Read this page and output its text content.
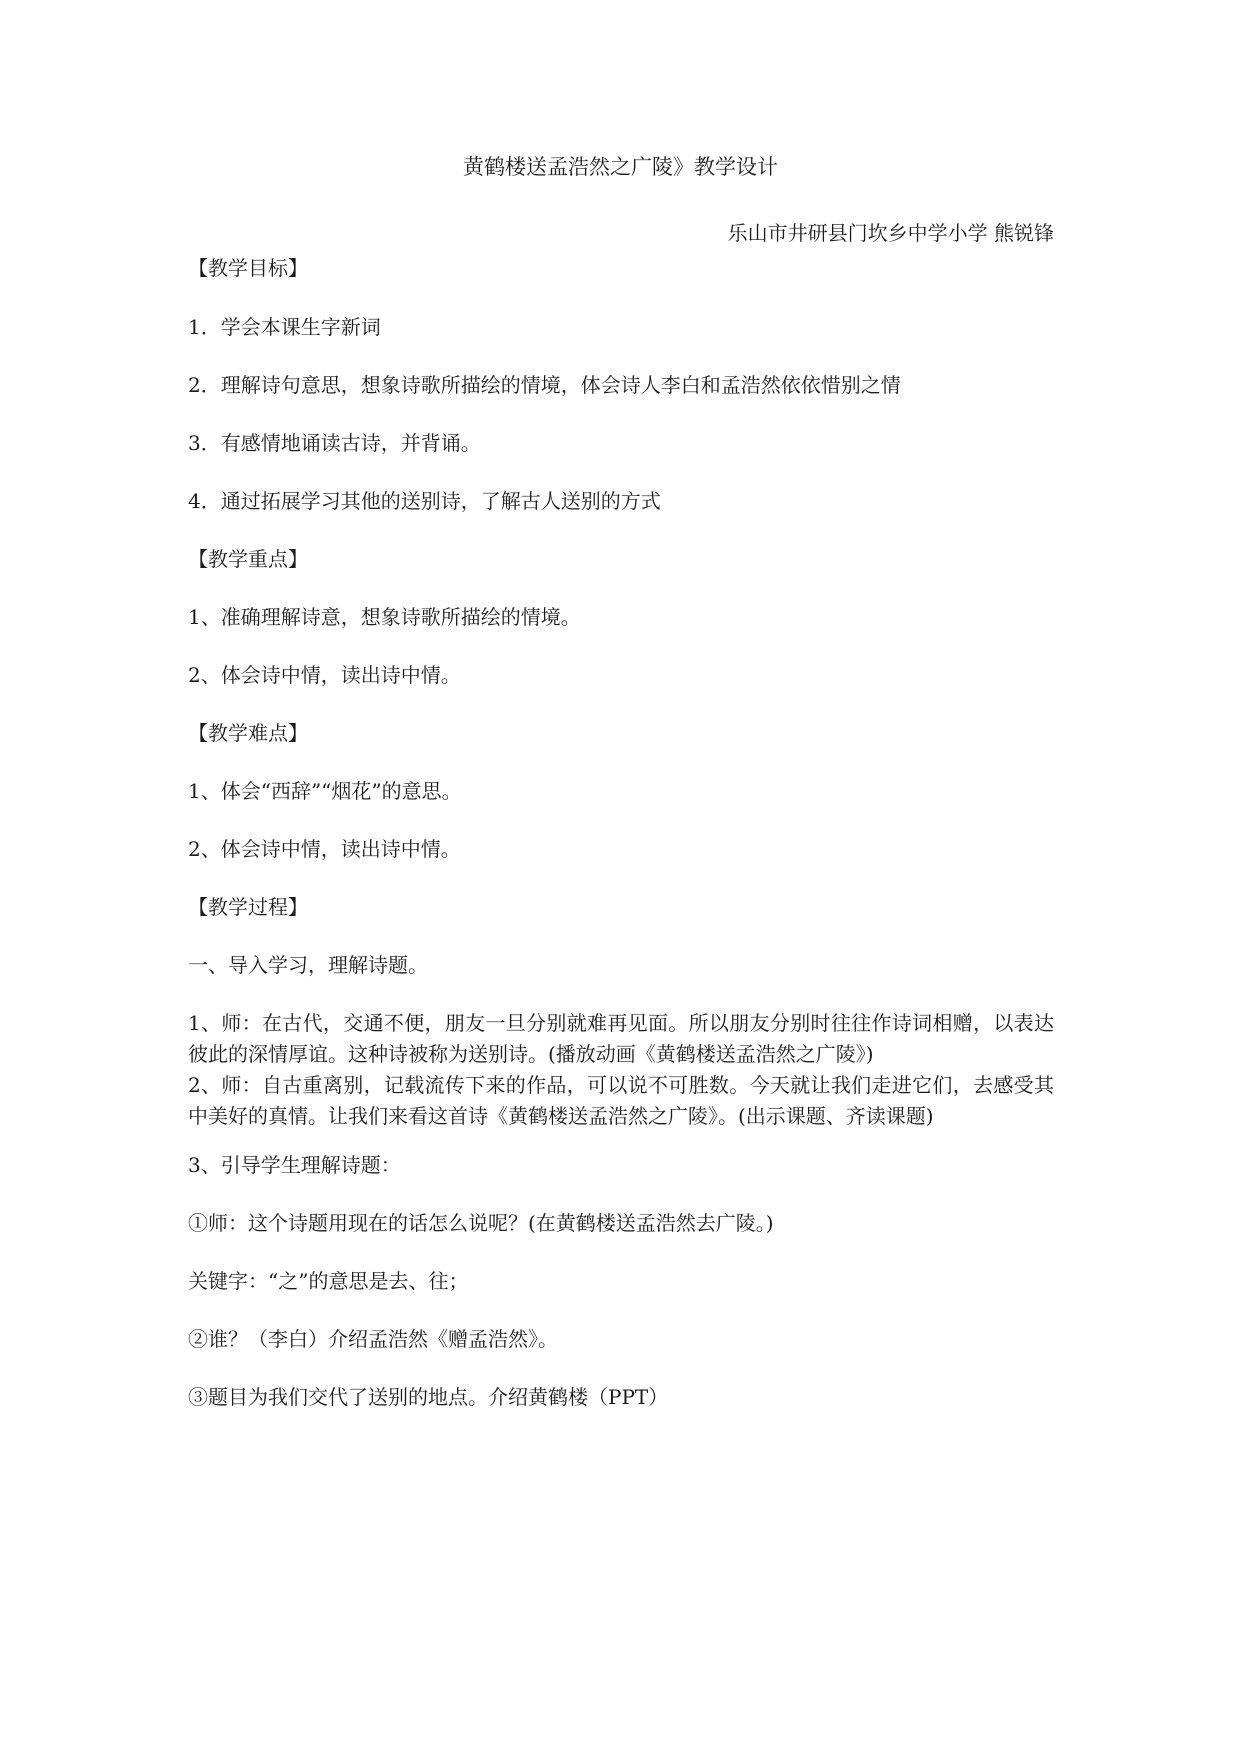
黄鹤楼送孟浩然之广陵》教学设计
乐山市井研县门坎乡中学小学 熊锐锋
【教学目标】
1．学会本课生字新词
2．理解诗句意思，想象诗歌所描绘的情境，体会诗人李白和孟浩然依依惜别之情
3．有感情地诵读古诗，并背诵。
4．通过拓展学习其他的送别诗，了解古人送别的方式
【教学重点】
1、准确理解诗意，想象诗歌所描绘的情境。
2、体会诗中情，读出诗中情。
【教学难点】
1、体会“西辞”“烟花”的意思。
2、体会诗中情，读出诗中情。
【教学过程】
一、导入学习，理解诗题。
1、师：在古代，交通不便，朋友一旦分别就难再见面。所以朋友分别时往往作诗词相赠，以表达彼此的深情厚谊。这种诗被称为送别诗。(播放动画《黄鹤楼送孟浩然之广陵》)
2、师：自古重离别，记载流传下来的作品，可以说不可胜数。今天就让我们走进它们，去感受其中美好的真情。让我们来看这首诗《黄鹤楼送孟浩然之广陵》。(出示课题、齐读课题)
3、引导学生理解诗题：
①师：这个诗题用现在的话怎么说呢？(在黄鹤楼送孟浩然去广陵。)
关键字：“之”的意思是去、往；
②谁？（李白）介绍孟浩然《赠孟浩然》。
③题目为我们交代了送别的地点。介绍黄鹤楼（PPT）
